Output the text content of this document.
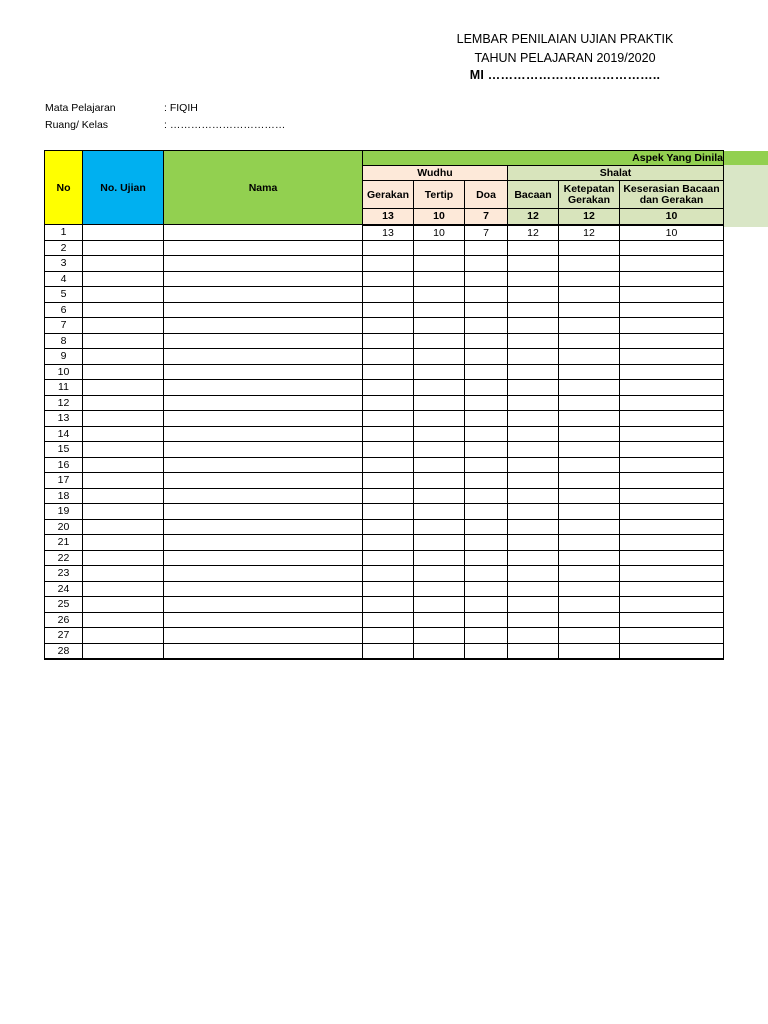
LEMBAR PENILAIAN UJIAN PRAKTIK
TAHUN PELAJARAN 2019/2020
MI …………………………………..
Mata Pelajaran	: FIQIH
Ruang/ Kelas	: ……………………………
No	No. Ujian	Nama	Aspek Yang Dinila					
			Wudhu			Shalat		
			Gerakan	Tertip	Doa	Bacaan	Ketepatan Gerakan	Keserasian Bacaan dan Gerakan
			13	10	7	12	12	10
1			13	10	7	12	12	10
2								
3								
4								
5								
6								
7								
8								
9								
10								
11								
12								
13								
14								
15								
16								
17								
18								
19								
20								
21								
22								
23								
24								
25								
26								
27								
28								
